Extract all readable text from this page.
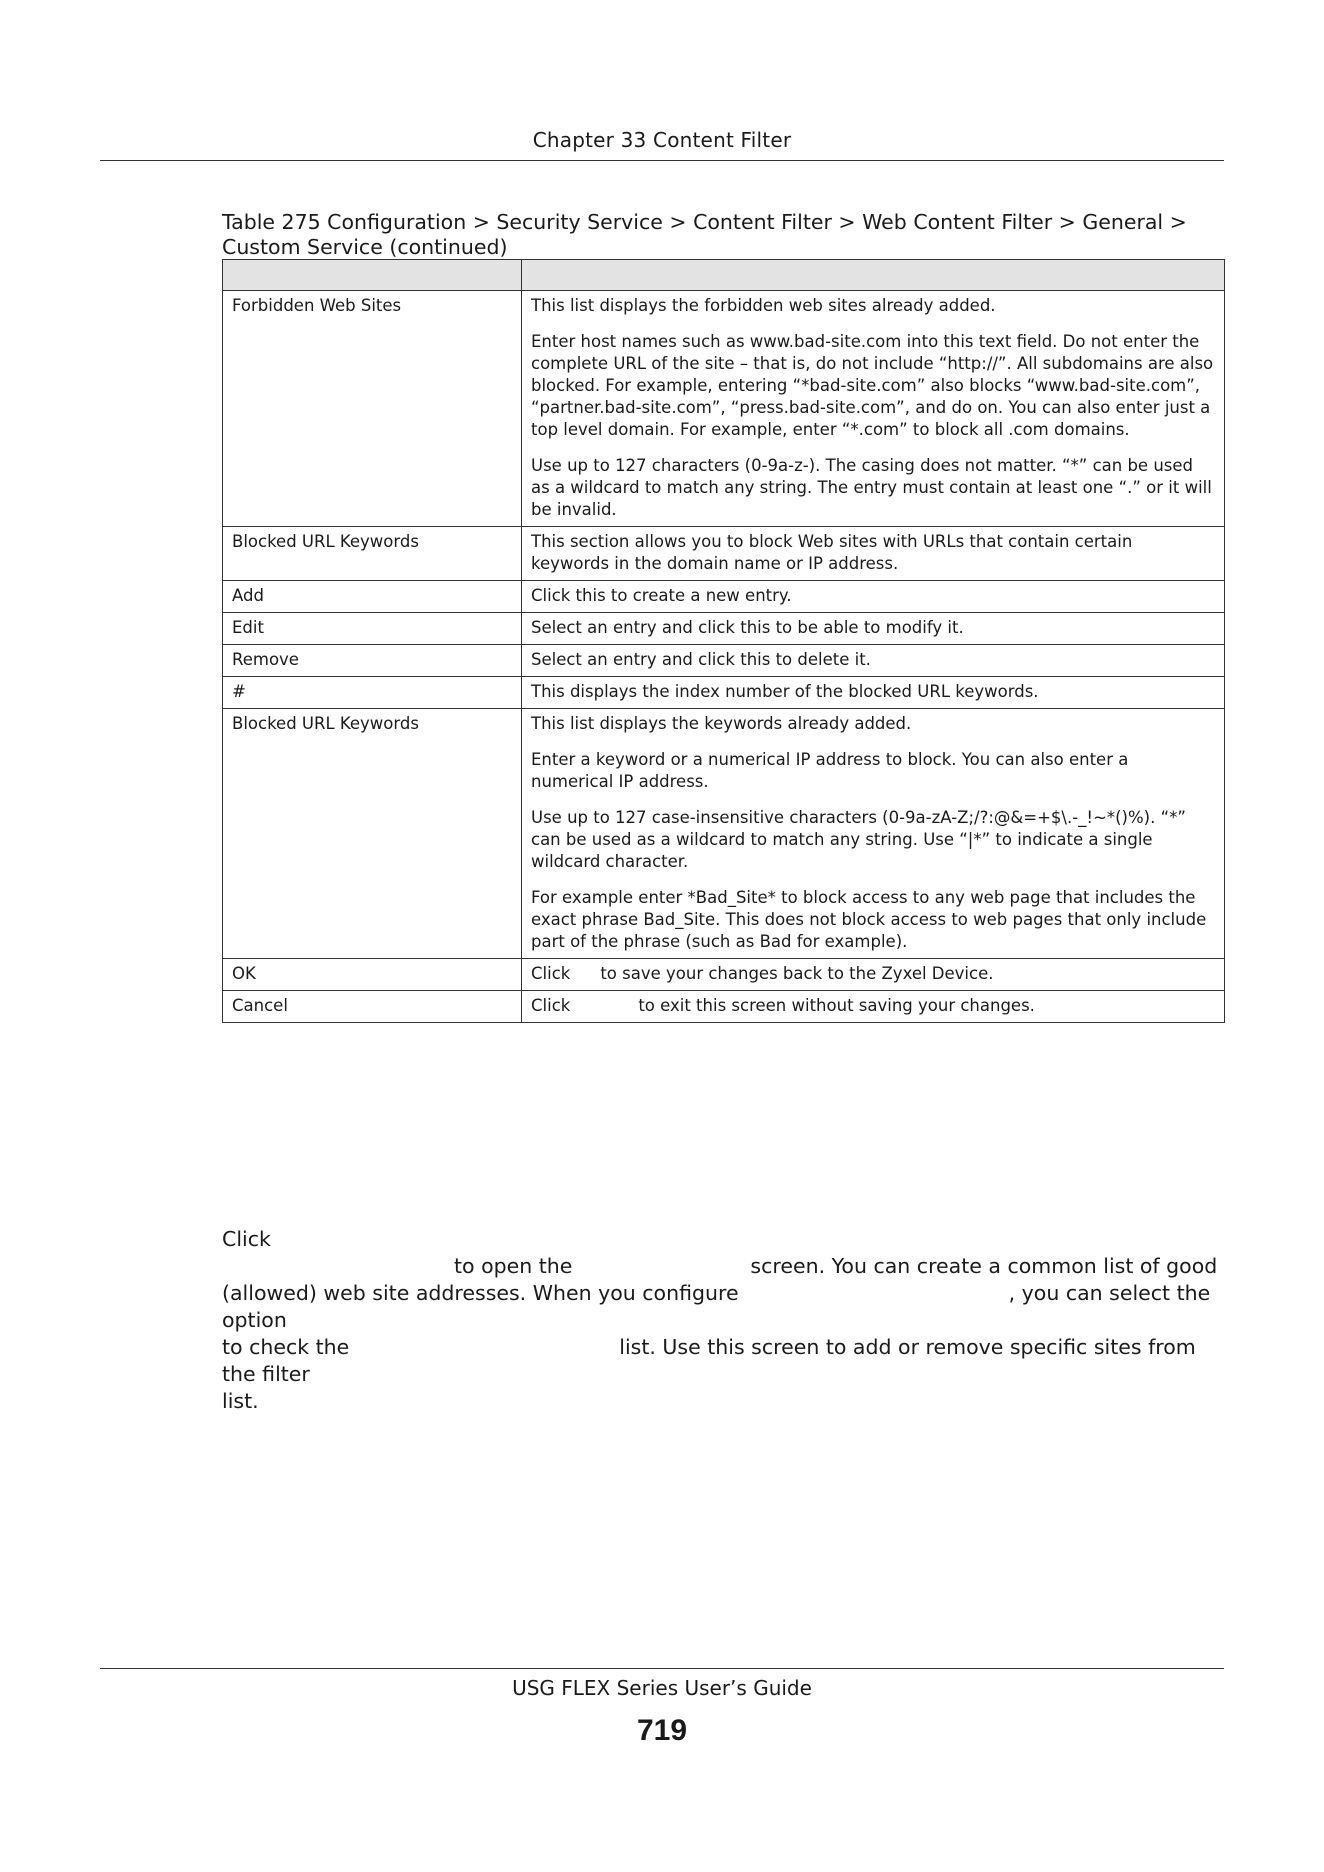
Chapter 33 Content Filter
Table 275 Configuration > Security Service > Content Filter > Web Content Filter > General > Custom Service (continued)

Forbidden Web Sites	This list displays the forbidden web sites already added.

Enter host names such as www.bad-site.com into this text field. Do not enter the complete URL of the site – that is, do not include “http://”. All subdomains are also blocked. For example, entering “*bad-site.com” also blocks “www.bad-site.com”, “partner.bad-site.com”, “press.bad-site.com”, and do on. You can also enter just a top level domain. For example, enter “*.com” to block all .com domains.

Use up to 127 characters (0-9a-z-). The casing does not matter. “*” can be used as a wildcard to match any string. The entry must contain at least one “.” or it will be invalid.

Blocked URL Keywords	This section allows you to block Web sites with URLs that contain certain keywords in the domain name or IP address.

Add	Click this to create a new entry.

Edit	Select an entry and click this to be able to modify it.

Remove	Select an entry and click this to delete it.

#	This displays the index number of the blocked URL keywords.

Blocked URL Keywords	This list displays the keywords already added.

Enter a keyword or a numerical IP address to block. You can also enter a numerical IP address.

Use up to 127 case-insensitive characters (0-9a-zA-Z;/?:@&=+$\.-_!~*()%). “*” can be used as a wildcard to match any string. Use “|*” to indicate a single wildcard character.

For example enter *Bad_Site* to block access to any web page that includes the exact phrase Bad_Site. This does not block access to web pages that only include part of the phrase (such as Bad for example).

OK	Click to save your changes back to the Zyxel Device.
Cancel	Click to exit this screen without saving your changes.

Click

to open the	screen. You can create a common list of good

(allowed) web site addresses. When you configure	, you can select the option

to check the	list. Use this screen to add or remove specific sites from the filter

list.

USG FLEX Series User’s Guide
719
